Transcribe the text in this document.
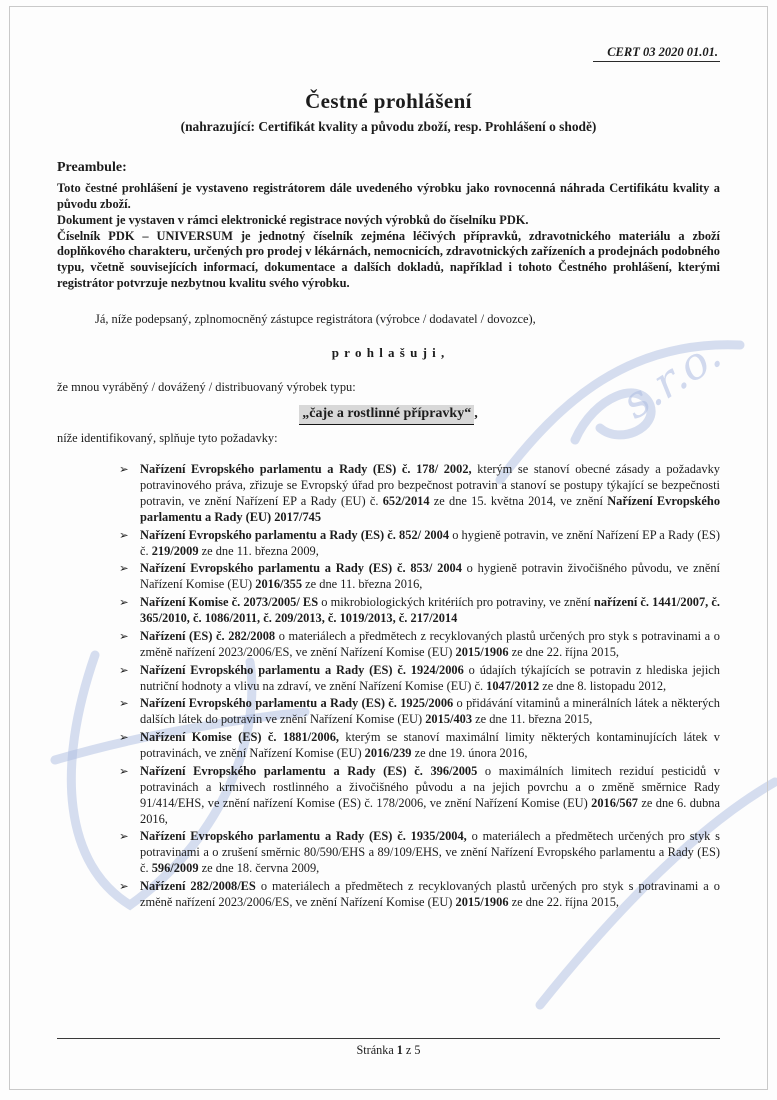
s.r.o.
CERT 03 2020 01.01.
Čestné prohlášení
(nahrazující: Certifikát kvality a původu zboží, resp. Prohlášení o shodě)
Preambule:

Toto čestné prohlášení je vystaveno registrátorem dále uvedeného výrobku jako rovnocenná náhrada Certifikátu kvality a původu zboží.

Dokument je vystaven v rámci elektronické registrace nových výrobků do číselníku PDK.

Číselník PDK – UNIVERSUM je jednotný číselník zejména léčivých přípravků, zdravotnického materiálu a zboží doplňkového charakteru, určených pro prodej v lékárnách, nemocnicích, zdravotnických zařízeních a prodejnách podobného typu, včetně souvisejících informací, dokumentace a dalších dokladů, například i tohoto Čestného prohlášení, kterými registrátor potvrzuje nezbytnou kvalitu svého výrobku.

Já, níže podepsaný, zplnomocněný zástupce registrátora (výrobce / dodavatel / dovozce),

p r o h l a š u j i ,

že mnou vyráběný / dovážený / distribuovaný výrobek typu:

„čaje a rostlinné přípravky“ ,

níže identifikovaný, splňuje tyto požadavky:

➢ Nařízení Evropského parlamentu a Rady (ES) č. 178/ 2002, kterým se stanoví obecné zásady a požadavky potravinového práva, zřizuje se Evropský úřad pro bezpečnost potravin a stanoví se postupy týkající se bezpečnosti potravin, ve znění Nařízení EP a Rady (EU) č. 652/2014 ze dne 15. května 2014, ve znění Nařízení Evropského parlamentu a Rady (EU) 2017/745
➢ Nařízení Evropského parlamentu a Rady (ES) č. 852/ 2004 o hygieně potravin, ve znění Nařízení EP a Rady (ES) č. 219/2009 ze dne 11. března 2009,
➢ Nařízení Evropského parlamentu a Rady (ES) č. 853/ 2004 o hygieně potravin živočišného původu, ve znění Nařízení Komise (EU) 2016/355 ze dne 11. března 2016,
➢ Nařízení Komise č. 2073/2005/ ES o mikrobiologických kritériích pro potraviny, ve znění nařízení č. 1441/2007, č. 365/2010, č. 1086/2011, č. 209/2013, č. 1019/2013, č. 217/2014
➢ Nařízení (ES) č. 282/2008 o materiálech a předmětech z recyklovaných plastů určených pro styk s potravinami a o změně nařízení 2023/2006/ES, ve znění Nařízení Komise (EU) 2015/1906 ze dne 22. října 2015,
➢ Nařízení Evropského parlamentu a Rady (ES) č. 1924/2006 o údajích týkajících se potravin z hlediska jejich nutriční hodnoty a vlivu na zdraví, ve znění Nařízení Komise (EU) č. 1047/2012 ze dne 8. listopadu 2012,
➢ Nařízení Evropského parlamentu a Rady (ES) č. 1925/2006 o přidávání vitaminů a minerálních látek a některých dalších látek do potravin ve znění Nařízení Komise (EU) 2015/403 ze dne 11. března 2015,
➢ Nařízení Komise (ES) č. 1881/2006, kterým se stanoví maximální limity některých kontaminujících látek v potravinách, ve znění Nařízení Komise (EU) 2016/239 ze dne 19. února 2016,
➢ Nařízení Evropského parlamentu a Rady (ES) č. 396/2005 o maximálních limitech reziduí pesticidů v potravinách a krmivech rostlinného a živočišného původu a na jejich povrchu a o změně směrnice Rady 91/414/EHS, ve znění nařízení Komise (ES) č. 178/2006, ve znění Nařízení Komise (EU) 2016/567 ze dne 6. dubna 2016,
➢ Nařízení Evropského parlamentu a Rady (ES) č. 1935/2004, o materiálech a předmětech určených pro styk s potravinami a o zrušení směrnic 80/590/EHS a 89/109/EHS, ve znění Nařízení Evropského parlamentu a Rady (ES) č. 596/2009 ze dne 18. června 2009,
➢ Nařízení 282/2008/ES o materiálech a předmětech z recyklovaných plastů určených pro styk s potravinami a o změně nařízení 2023/2006/ES, ve znění Nařízení Komise (EU) 2015/1906 ze dne 22. října 2015,
Stránka 1 z 5
